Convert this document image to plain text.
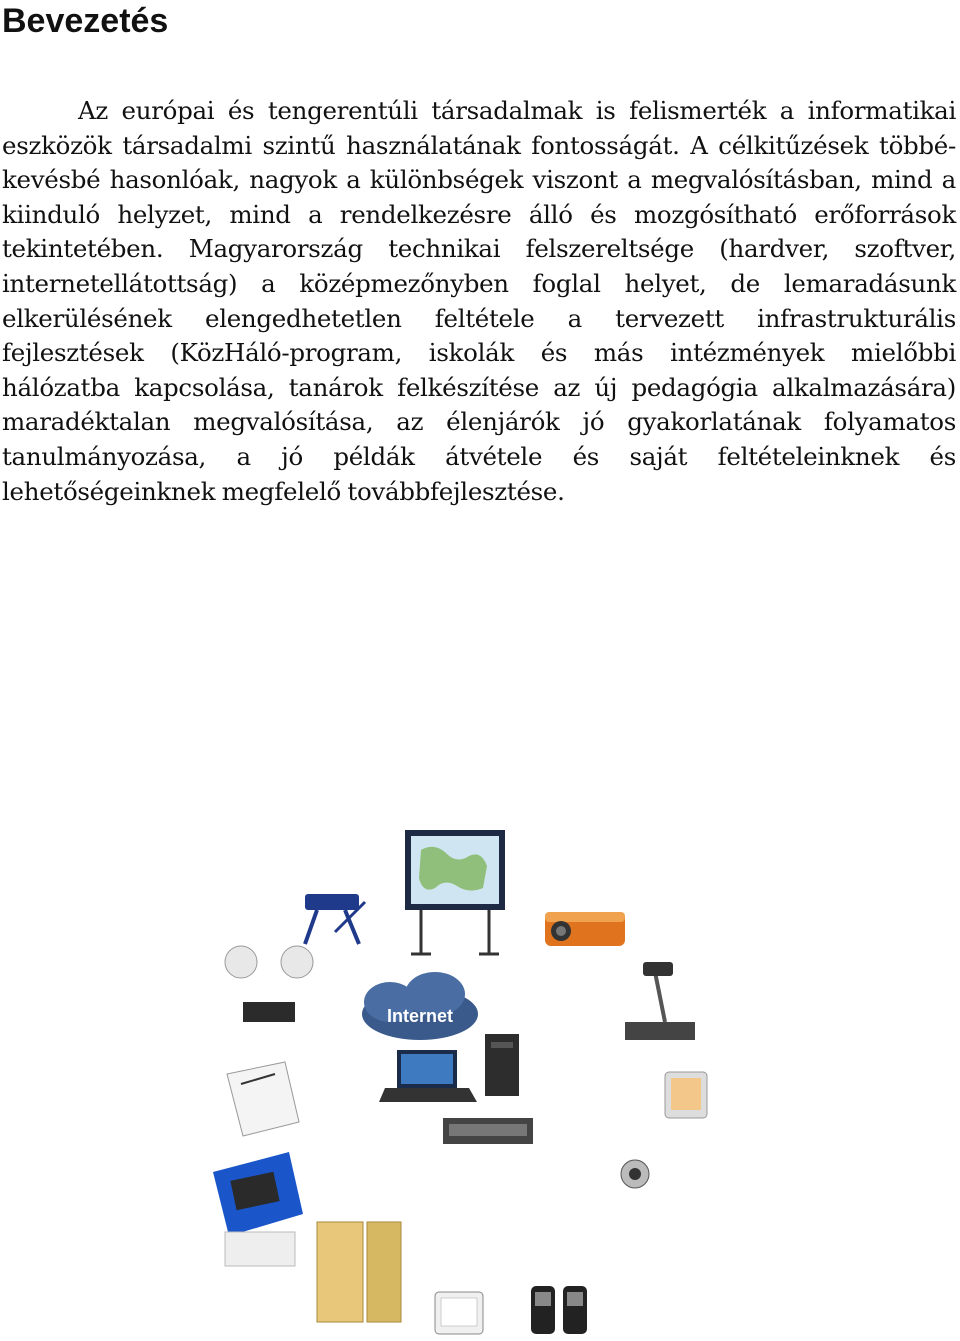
Bevezetés

Az európai és tengerentúli társadalmak is felismerték a informatikai eszközök társadalmi szintű használatának fontosságát. A célkitűzések többé-kevésbé hasonlóak, nagyok a különbségek viszont a megvalósításban, mind a kiinduló helyzet, mind a rendelkezésre álló és mozgósítható erőforrások tekintetében. Magyarország technikai felszereltsége (hardver, szoftver, internetellátottság) a középmezőnyben foglal helyet, de lemaradásunk elkerülésének elengedhetetlen feltétele a tervezett infrastrukturális fejlesztések (KözHáló-program, iskolák és más intézmények mielőbbi hálózatba kapcsolása, tanárok felkészítése az új pedagógia alkalmazására) maradéktalan megvalósítása, az élenjárók jó gyakorlatának folyamatos tanulmányozása, a jó példák átvétele és saját feltételeinknek és lehetőségeinknek megfelelő továbbfejlesztése.

Internet
